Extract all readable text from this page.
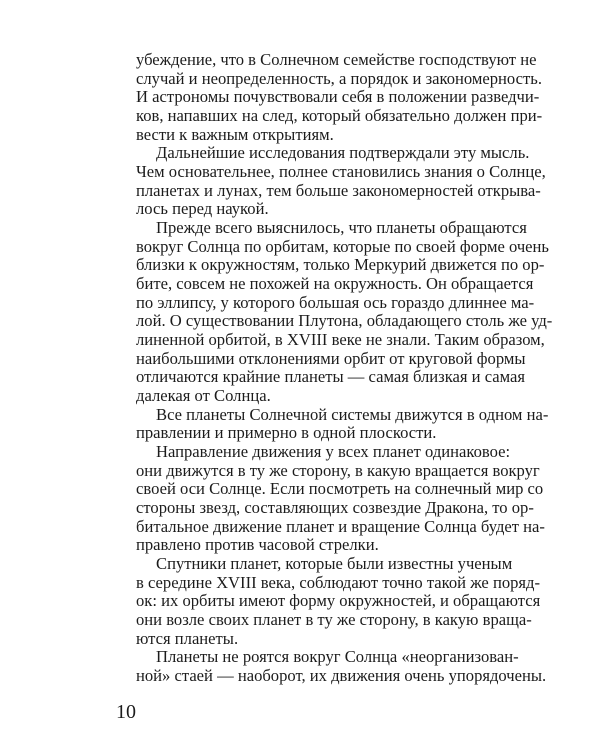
убеждение, что в Солнечном семействе господствуют не
случай и неопределенность, а порядок и закономерность.
И астрономы почувствовали себя в положении разведчи-
ков, напавших на след, который обязательно должен при-
вести к важным открытиям.
Дальнейшие исследования подтверждали эту мысль.
Чем основательнее, полнее становились знания о Солнце,
планетах и лунах, тем больше закономерностей открыва-
лось перед наукой.
Прежде всего выяснилось, что планеты обращаются
вокруг Солнца по орбитам, которые по своей форме очень
близки к окружностям, только Меркурий движется по ор-
бите, совсем не похожей на окружность. Он обращается
по эллипсу, у которого большая ось гораздо длиннее ма-
лой. О существовании Плутона, обладающего столь же уд-
линенной орбитой, в XVIII веке не знали. Таким образом,
наибольшими отклонениями орбит от круговой формы
отличаются крайние планеты — самая близкая и самая
далекая от Солнца.
Все планеты Солнечной системы движутся в одном на-
правлении и примерно в одной плоскости.
Направление движения у всех планет одинаковое:
они движутся в ту же сторону, в какую вращается вокруг
своей оси Солнце. Если посмотреть на солнечный мир со
стороны звезд, составляющих созвездие Дракона, то ор-
битальное движение планет и вращение Солнца будет на-
правлено против часовой стрелки.
Спутники планет, которые были известны ученым
в середине XVIII века, соблюдают точно такой же поряд-
ок: их орбиты имеют форму окружностей, и обращаются
они возле своих планет в ту же сторону, в какую враща-
ются планеты.
Планеты не роятся вокруг Солнца «неорганизован-
ной» стаей — наоборот, их движения очень упорядочены.
10
